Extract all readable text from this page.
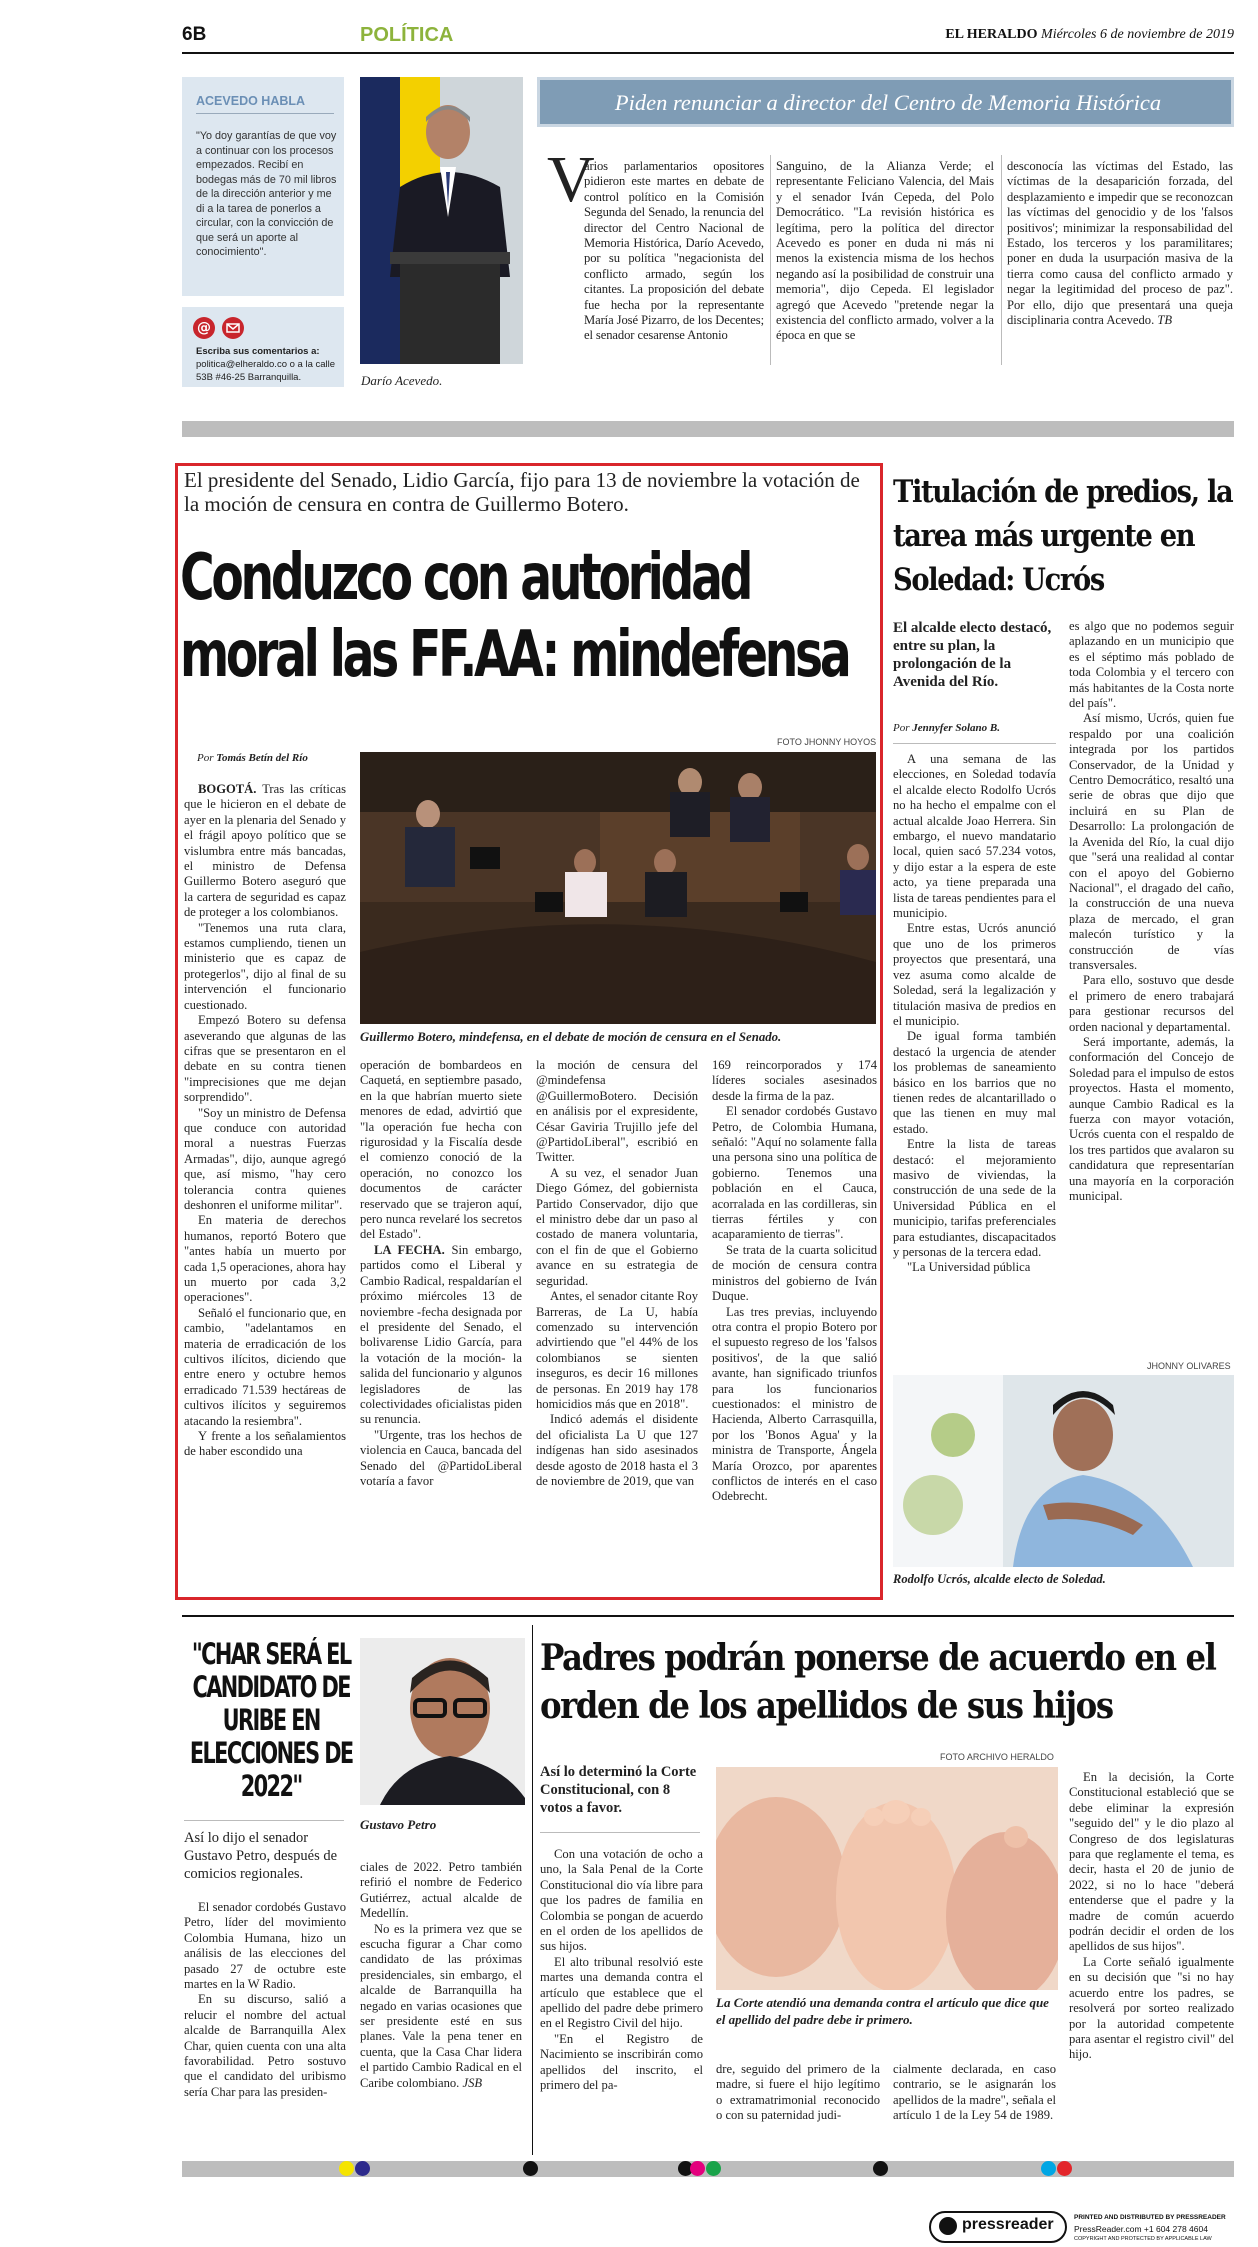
6B	POLÍTICA	EL HERALDO Miércoles 6 de noviembre de 2019
ACEVEDO HABLA
"Yo doy garantías de que voy a continuar con los procesos empezados. Recibí en bodegas más de 70 mil libros de la dirección anterior y me di a la tarea de ponerlos a circular, con la convicción de que será un aporte al conocimiento".
@
Escriba sus comentarios a:
politica@elheraldo.co o a la calle 53B #46-25 Barranquilla.	Darío Acevedo.
Piden renunciar a director del Centro de Memoria Histórica
V

arios parlamentarios opositores pidieron este martes en debate de control político en la Comisión Segunda del Senado, la renuncia del director del Centro Nacional de Memoria Histórica, Darío Acevedo, por su política "negacionista del conflicto armado, según los citantes. La proposición del debate fue hecha por la representante María José Pizarro, de los Decentes; el senador cesarense Antonio

Sanguino, de la Alianza Verde; el representante Feliciano Valencia, del Mais y el senador Iván Cepeda, del Polo Democrático. "La revisión histórica es legítima, pero la política del director Acevedo es poner en duda ni más ni menos la existencia misma de los hechos negando así la posibilidad de construir una memoria", dijo Cepeda. El legislador agregó que Acevedo "pretende negar la existencia del conflicto armado, volver a la época en que se

desconocía las víctimas del Estado, las víctimas de la desaparición forzada, del desplazamiento e impedir que se reconozcan las víctimas del genocidio y de los 'falsos positivos'; minimizar la responsabilidad del Estado, los terceros y los paramilitares; poner en duda la usurpación masiva de la tierra como causa del conflicto armado y negar la legitimidad del proceso de paz". Por ello, dijo que presentará una queja disciplinaria contra Acevedo. TB

El presidente del Senado, Lidio García, fijo para 13 de noviembre la votación de la moción de censura en contra de Guillermo Botero.
Conduzco con autoridad moral las FF.AA: mindefensa
Por Tomás Betín del Río
FOTO JHONNY HOYOS
Guillermo Botero, mindefensa, en el debate de moción de censura en el Senado.

BOGOTÁ. Tras las críticas que le hicieron en el debate de ayer en la plenaria del Senado y el frágil apoyo político que se vislumbra entre más bancadas, el ministro de Defensa Guillermo Botero aseguró que la cartera de seguridad es capaz de proteger a los colombianos.

"Tenemos una ruta clara, estamos cumpliendo, tienen un ministerio que es capaz de protegerlos", dijo al final de su intervención el funcionario cuestionado.

Empezó Botero su defensa aseverando que algunas de las cifras que se presentaron en el debate en su contra tienen "imprecisiones que me dejan sorprendido".

"Soy un ministro de Defensa que conduce con autoridad moral a nuestras Fuerzas Armadas", dijo, aunque agregó que, así mismo, "hay cero tolerancia contra quienes deshonren el uniforme militar".

En materia de derechos humanos, reportó Botero que "antes había un muerto por cada 1,5 operaciones, ahora hay un muerto por cada 3,2 operaciones".

Señaló el funcionario que, en cambio, "adelantamos en materia de erradicación de los cultivos ilícitos, diciendo que entre enero y octubre hemos erradicado 71.539 hectáreas de cultivos ilícitos y seguiremos atacando la resiembra".

Y frente a los señalamientos de haber escondido una

operación de bombardeos en Caquetá, en septiembre pasado, en la que habrían muerto siete menores de edad, advirtió que "la operación fue hecha con rigurosidad y la Fiscalía desde el comienzo conoció de la operación, no conozco los documentos de carácter reservado que se trajeron aquí, pero nunca revelaré los secretos del Estado".

LA FECHA. Sin embargo, partidos como el Liberal y Cambio Radical, respaldarían el próximo miércoles 13 de noviembre -fecha designada por el presidente del Senado, el bolivarense Lidio García, para la votación de la moción- la salida del funcionario y algunos legisladores de las colectividades oficialistas piden su renuncia.

"Urgente, tras los hechos de violencia en Cauca, bancada del Senado del @PartidoLiberal votaría a favor

la moción de censura del @mindefensa @GuillermoBotero. Decisión en análisis por el expresidente, César Gaviria Trujillo jefe del @PartidoLiberal", escribió en Twitter.

A su vez, el senador Juan Diego Gómez, del gobiernista Partido Conservador, dijo que el ministro debe dar un paso al costado de manera voluntaria, con el fin de que el Gobierno avance en su estrategia de seguridad.

Antes, el senador citante Roy Barreras, de La U, había comenzado su intervención advirtiendo que "el 44% de los colombianos se sienten inseguros, es decir 16 millones de personas. En 2019 hay 178 homicidios más que en 2018".

Indicó además el disidente del oficialista La U que 127 indígenas han sido asesinados desde agosto de 2018 hasta el 3 de noviembre de 2019, que van

169 reincorporados y 174 líderes sociales asesinados desde la firma de la paz.

El senador cordobés Gustavo Petro, de Colombia Humana, señaló: "Aquí no solamente falla una persona sino una política de gobierno. Tenemos una población en el Cauca, acorralada en las cordilleras, sin tierras fértiles y con acaparamiento de tierras".

Se trata de la cuarta solicitud de moción de censura contra ministros del gobierno de Iván Duque.

Las tres previas, incluyendo otra contra el propio Botero por el supuesto regreso de los 'falsos positivos', de la que salió avante, han significado triunfos para los funcionarios cuestionados: el ministro de Hacienda, Alberto Carrasquilla, por los 'Bonos Agua' y la ministra de Transporte, Ángela María Orozco, por aparentes conflictos de interés en el caso Odebrecht.

Titulación de predios, la tarea más urgente en Soledad: Ucrós
El alcalde electo destacó, entre su plan, la prolongación de la Avenida del Río.
Por Jennyfer Solano B.

A una semana de las elecciones, en Soledad todavía el alcalde electo Rodolfo Ucrós no ha hecho el empalme con el actual alcalde Joao Herrera. Sin embargo, el nuevo mandatario local, quien sacó 57.234 votos, y dijo estar a la espera de este acto, ya tiene preparada una lista de tareas pendientes para el municipio.

Entre estas, Ucrós anunció que uno de los primeros proyectos que presentará, una vez asuma como alcalde de Soledad, será la legalización y titulación masiva de predios en el municipio.

De igual forma también destacó la urgencia de atender los problemas de saneamiento básico en los barrios que no tienen redes de alcantarillado o que las tienen en muy mal estado.

Entre la lista de tareas destacó: el mejoramiento masivo de viviendas, la construcción de una sede de la Universidad Pública en el municipio, tarifas preferenciales para estudiantes, discapacitados y personas de la tercera edad.

"La Universidad pública

es algo que no podemos seguir aplazando en un municipio que es el séptimo más poblado de toda Colombia y el tercero con más habitantes de la Costa norte del país".

Así mismo, Ucrós, quien fue respaldo por una coalición integrada por los partidos Conservador, de la Unidad y Centro Democrático, resaltó una serie de obras que dijo que incluirá en su Plan de Desarrollo: La prolongación de la Avenida del Río, la cual dijo que "será una realidad al contar con el apoyo del Gobierno Nacional", el dragado del caño, la construcción de una nueva plaza de mercado, el gran malecón turístico y la construcción de vías transversales.

Para ello, sostuvo que desde el primero de enero trabajará para gestionar recursos del orden nacional y departamental.

Será importante, además, la conformación del Concejo de Soledad para el impulso de estos proyectos. Hasta el momento, aunque Cambio Radical es la fuerza con mayor votación, Ucrós cuenta con el respaldo de los tres partidos que avalaron su candidatura que representarían una mayoría en la corporación municipal.

JHONNY OLIVARES
Rodolfo Ucrós, alcalde electo de Soledad.
"CHAR SERÁ EL CANDIDATO DE URIBE EN ELECCIONES DE 2022"
Gustavo Petro
Así lo dijo el senador Gustavo Petro, después de comicios regionales.

El senador cordobés Gustavo Petro, líder del movimiento Colombia Humana, hizo un análisis de las elecciones del pasado 27 de octubre este martes en la W Radio.

En su discurso, salió a relucir el nombre del actual alcalde de Barranquilla Alex Char, quien cuenta con una alta favorabilidad. Petro sostuvo que el candidato del uribismo sería Char para las presiden-

ciales de 2022. Petro también refirió el nombre de Federico Gutiérrez, actual alcalde de Medellín.

No es la primera vez que se escucha figurar a Char como candidato de las próximas presidenciales, sin embargo, el alcalde de Barranquilla ha negado en varias ocasiones que ser presidente esté en sus planes. Vale la pena tener en cuenta, que la Casa Char lidera el partido Cambio Radical en el Caribe colombiano. JSB

Padres podrán ponerse de acuerdo en el orden de los apellidos de sus hijos
Así lo determinó la Corte Constitucional, con 8 votos a favor.

Con una votación de ocho a uno, la Sala Penal de la Corte Constitucional dio vía libre para que los padres de familia en Colombia se pongan de acuerdo en el orden de los apellidos de sus hijos.

El alto tribunal resolvió este martes una demanda contra el artículo que establece que el apellido del padre debe primero en el Registro Civil del hijo.

"En el Registro de Nacimiento se inscribirán como apellidos del inscrito, el primero del pa-

FOTO ARCHIVO HERALDO
La Corte atendió una demanda contra el artículo que dice que el apellido del padre debe ir primero.

dre, seguido del primero de la madre, si fuere el hijo legítimo o extramatrimonial reconocido o con su paternidad judi-

cialmente declarada, en caso contrario, se le asignarán los apellidos de la madre", señala el artículo 1 de la Ley 54 de 1989.

En la decisión, la Corte Constitucional estableció que se debe eliminar la expresión "seguido del" y le dio plazo al Congreso de dos legislaturas para que reglamente el tema, es decir, hasta el 20 de junio de 2022, si no lo hace "deberá entenderse que el padre y la madre de común acuerdo podrán decidir el orden de los apellidos de sus hijos".

La Corte señaló igualmente en su decisión que "si no hay acuerdo entre los padres, se resolverá por sorteo realizado por la autoridad competente para asentar el registro civil" del hijo.

pressreader	PRINTED AND DISTRIBUTED BY PRESSREADER
PressReader.com +1 604 278 4604
COPYRIGHT AND PROTECTED BY APPLICABLE LAW
